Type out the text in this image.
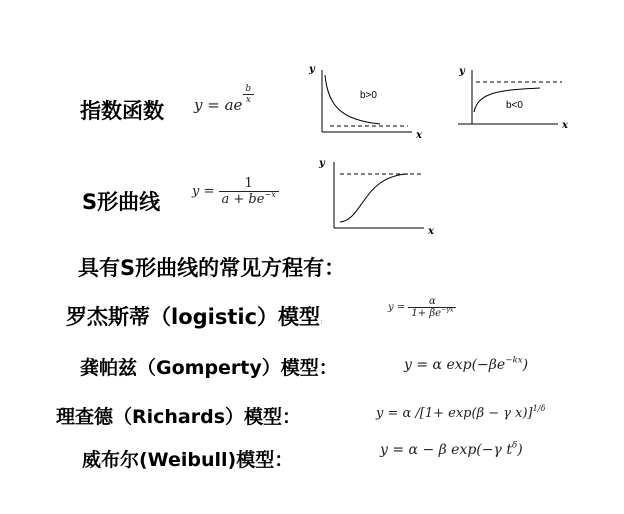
指数函数 y = ae $\frac{b}{x}$
y
x
b>0
y
x
b<0
S形曲线 $y = \frac{1}{a + be^{-x}}$
y
x
具有S形曲线的常见方程有：
罗杰斯蒂（logistic）模型：
$y = \frac{\alpha}{1+ \beta e^{-\gamma x}}$
龚帕兹（Gomperty）模型：	y = α $\exp(-\beta e^{-kx})$
理查德（Richards）模型：	y = α /[1+ exp(β − γ x)]$^{1/\delta}$
威布尔(Weibull)模型：	y = α − β exp(−γ $t^\delta$)
